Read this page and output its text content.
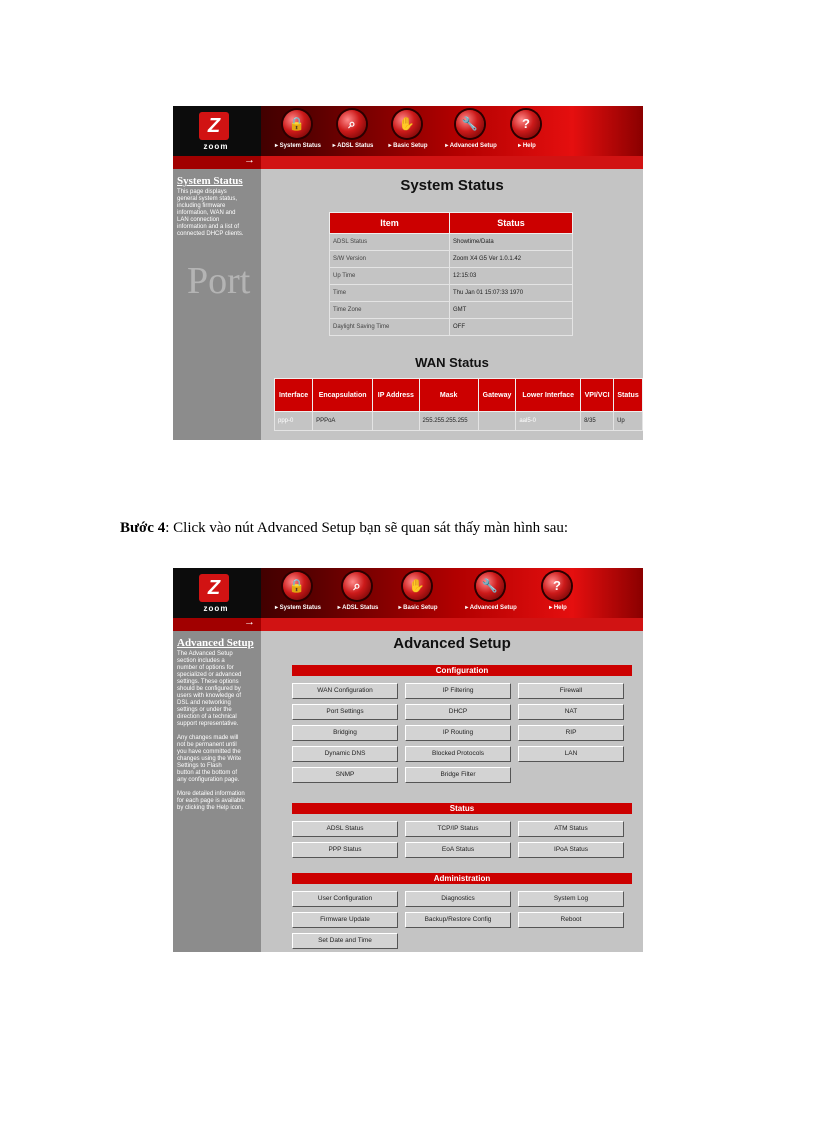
Z
zoom
🔒
▸ System Status
⌕
▸ ADSL Status
✋
▸ Basic Setup
🔧
▸ Advanced Setup
?
▸ Help
→
System Status
This page displays
general system status,
including firmware
information, WAN and
LAN connection
information and a list of
connected DHCP clients.
Port
System Status
Item	Status
ADSL Status	Showtime/Data
S/W Version	Zoom X4 G5 Ver 1.0.1.42
Up Time	12:15:03
Time	Thu Jan 01 15:07:33 1970
Time Zone	GMT
Daylight Saving Time	OFF
WAN Status
Interface	Encapsulation	IP Address	Mask	Gateway	Lower Interface	VPI/VCI	Status
ppp-0	PPPoA		255.255.255.255		aal5-0	8/35	Up
Bước 4: Click vào nút Advanced Setup bạn sẽ quan sát thấy màn hình sau:
Z
zoom
🔒
▸ System Status
⌕
▸ ADSL Status
✋
▸ Basic Setup
🔧
▸ Advanced Setup
?
▸ Help
→
Advanced Setup
The Advanced Setup
section includes a
number of options for
specialized or advanced
settings. These options
should be configured by
users with knowledge of
DSL and networking
settings or under the
direction of a technical
support representative.

Any changes made will
not be permanent until
you have committed the
changes using the Write
Settings to Flash
button at the bottom of
any configuration page.

More detailed information
for each page is available
by clicking the Help icon.
Advanced Setup
Configuration
WAN Configuration	IP Filtering	Firewall
Port Settings	DHCP	NAT
Bridging	IP Routing	RIP
Dynamic DNS	Blocked Protocols	LAN
SNMP	Bridge Filter
Status
ADSL Status	TCP/IP Status	ATM Status
PPP Status	EoA Status	IPoA Status
Administration
User Configuration	Diagnostics	System Log
Firmware Update	Backup/Restore Config	Reboot
Set Date and Time
